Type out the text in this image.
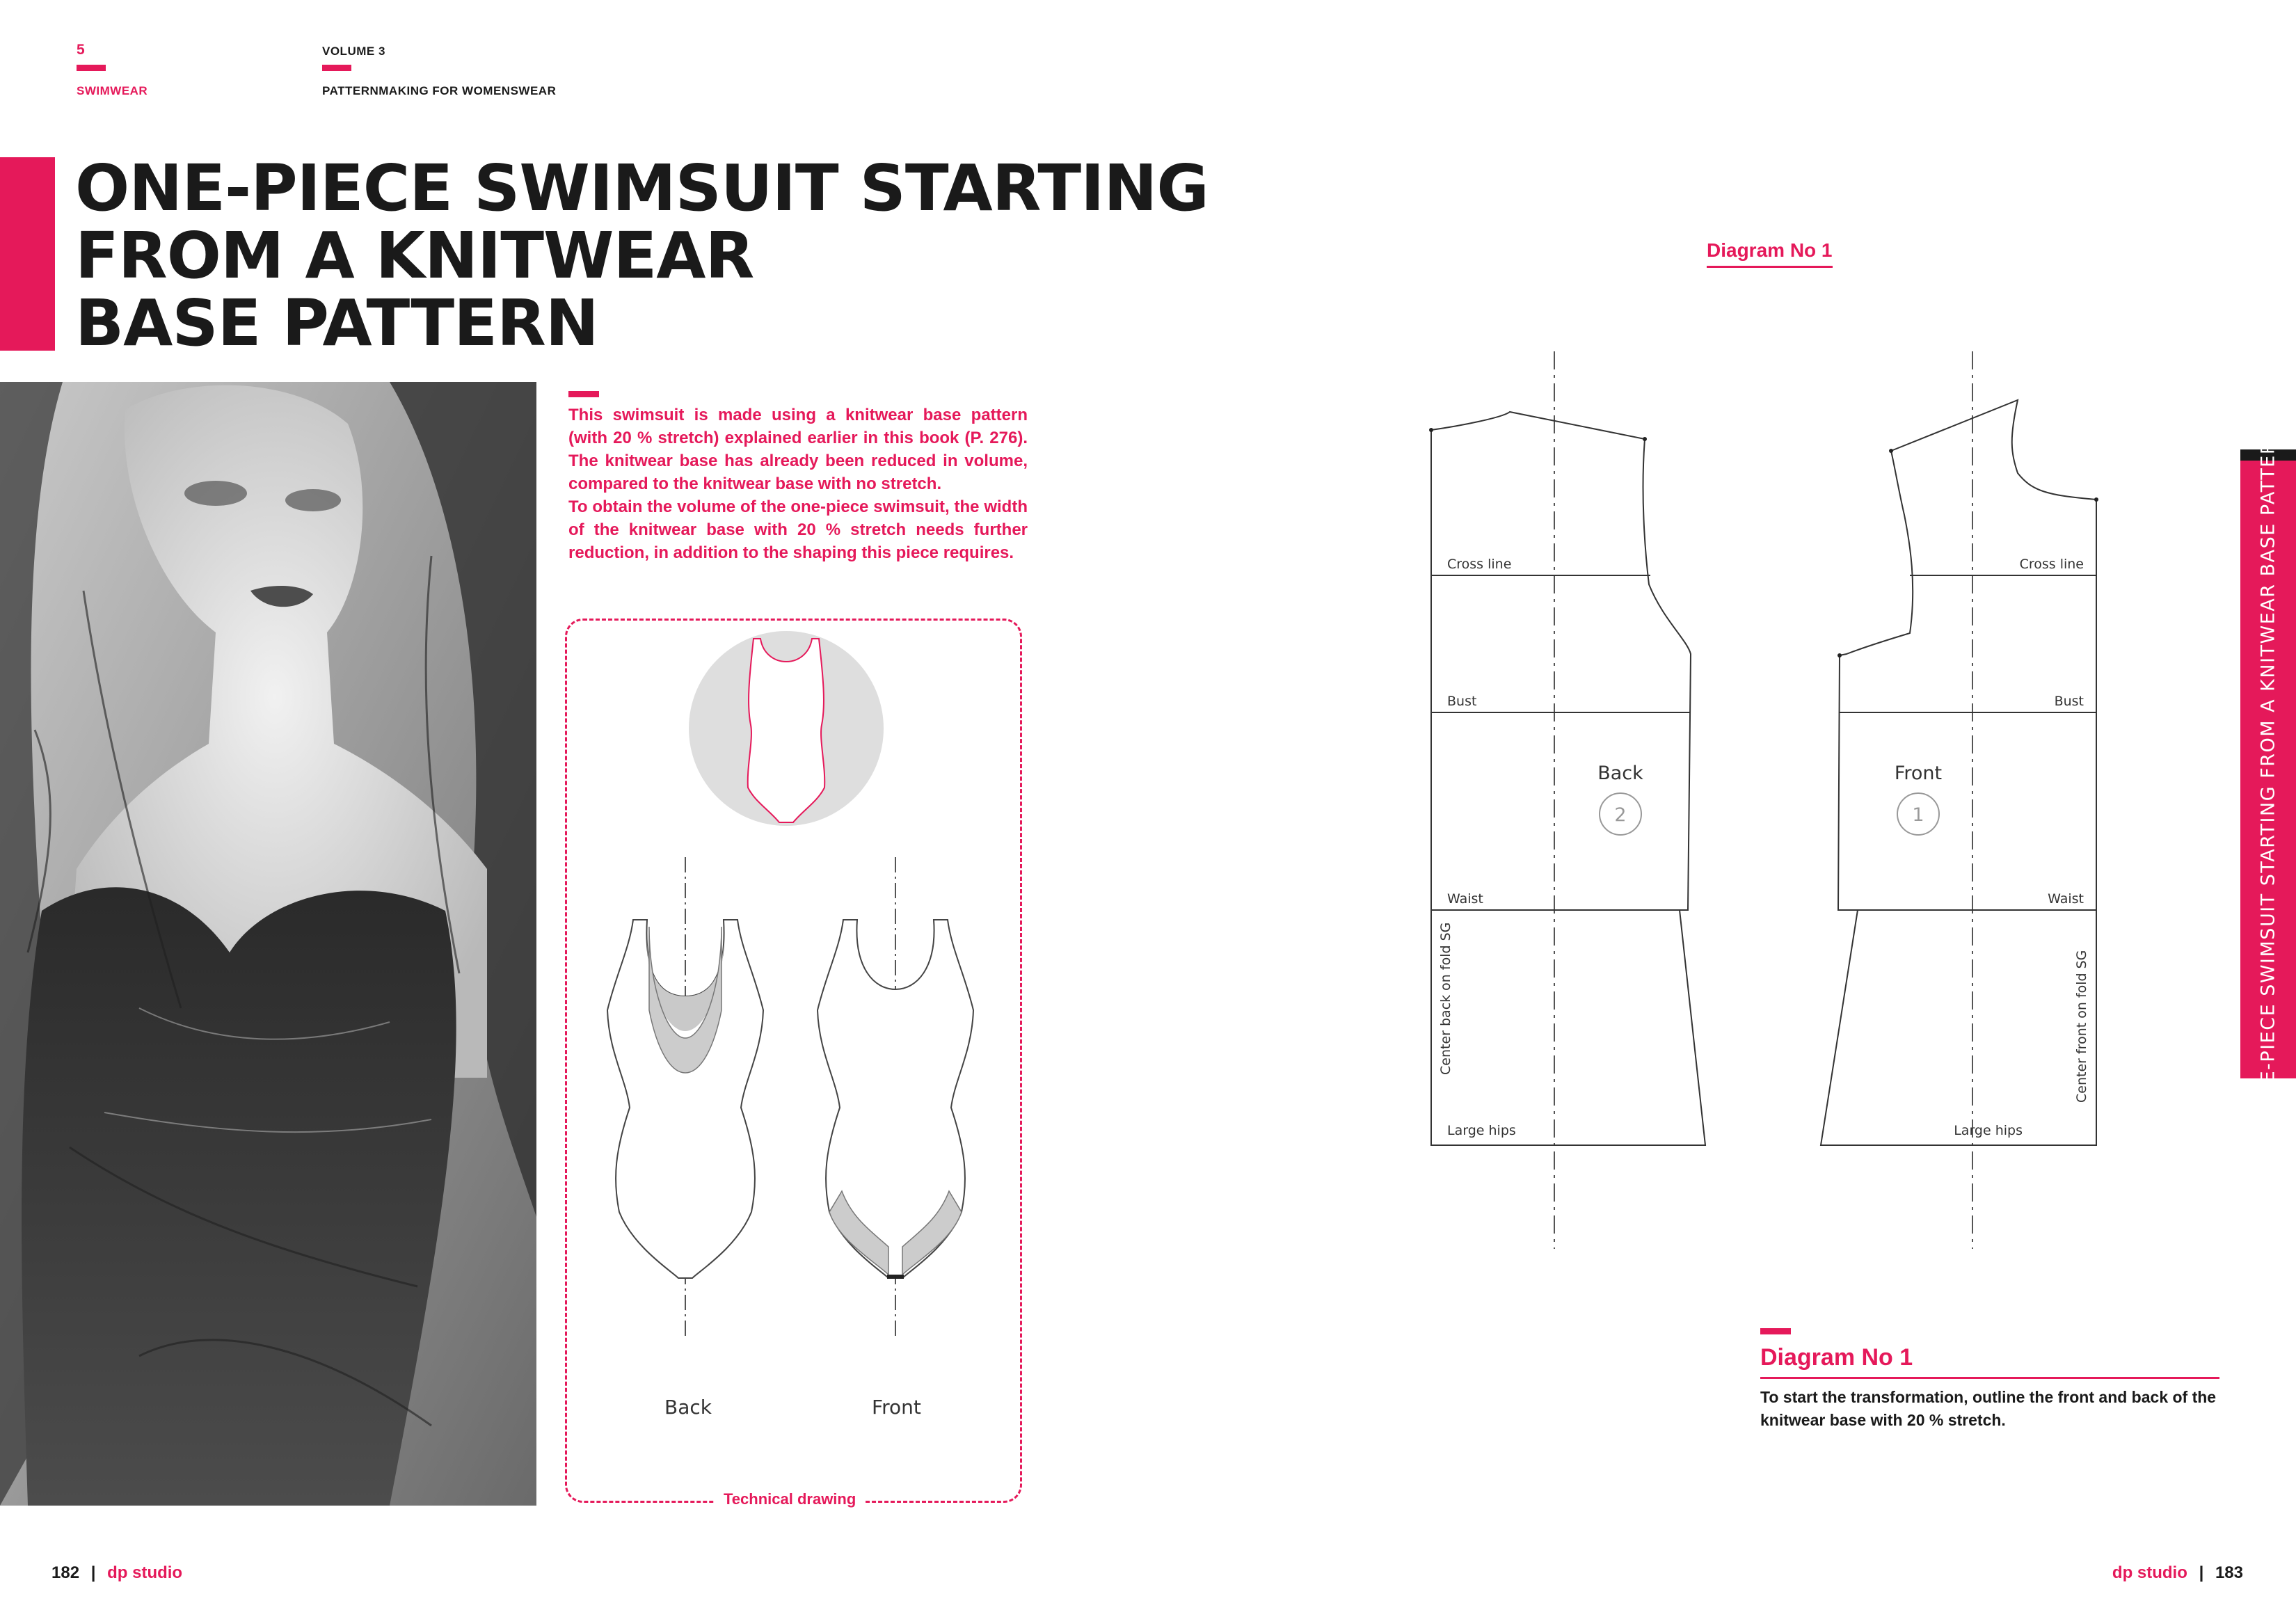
5
SWIMWEAR
VOLUME 3
PATTERNMAKING FOR WOMENSWEAR
ONE-PIECE SWIMSUIT STARTING
FROM A KNITWEAR
BASE PATTERN

This swimsuit is made using a knitwear base pattern (with 20 % stretch) explained earlier in this book (P. 276). The knitwear base has already been reduced in volume, compared to the knitwear base with no stretch.

To obtain the volume of the one-piece swimsuit, the width of the knitwear base with 20 % stretch needs further reduction, in addition to the shaping this piece requires.

Back	Front
Technical drawing
Diagram No 1
Cross line
Bust
Waist
Large hips
Back
2
Center back on fold SG
Cross line
Bust
Waist
Large hips
Front
1
Center front on fold SG
Diagram No 1
To start the transformation, outline the front and back of the knitwear base with 20 % stretch.
ONE-PIECE SWIMSUIT STARTING FROM A KNITWEAR BASE PATTERN
182 | dp studio	dp studio | 183
